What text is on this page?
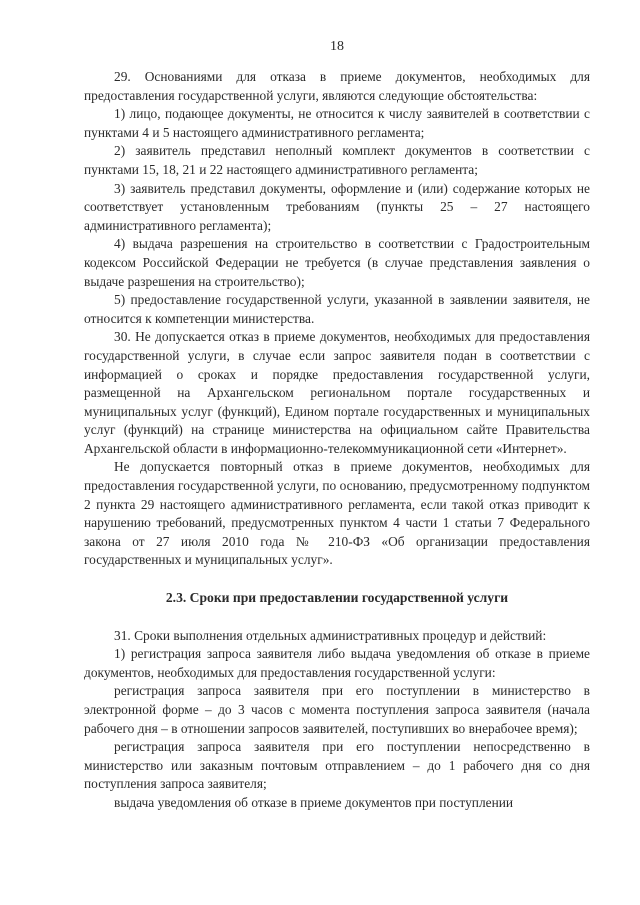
18

29. Основаниями для отказа в приеме документов, необходимых для предоставления государственной услуги, являются следующие обстоятельства:

1) лицо, подающее документы, не относится к числу заявителей в соответствии с пунктами 4 и 5 настоящего административного регламента;

2) заявитель представил неполный комплект документов в соответствии с пунктами 15, 18, 21 и 22 настоящего административного регламента;

3) заявитель представил документы, оформление и (или) содержание которых не соответствует установленным требованиям (пункты 25 – 27 настоящего административного регламента);

4) выдача разрешения на строительство в соответствии с Градостроительным кодексом Российской Федерации не требуется (в случае представления заявления о выдаче разрешения на строительство);

5) предоставление государственной услуги, указанной в заявлении заявителя, не относится к компетенции министерства.

30. Не допускается отказ в приеме документов, необходимых для предоставления государственной услуги, в случае если запрос заявителя подан в соответствии с информацией о сроках и порядке предоставления государственной услуги, размещенной на Архангельском региональном портале государственных и муниципальных услуг (функций), Едином портале государственных и муниципальных услуг (функций) на странице министерства на официальном сайте Правительства Архангельской области в информационно-телекоммуникационной сети «Интернет».

Не допускается повторный отказ в приеме документов, необходимых для предоставления государственной услуги, по основанию, предусмотренному подпунктом 2 пункта 29 настоящего административного регламента, если такой отказ приводит к нарушению требований, предусмотренных пунктом 4 части 1 статьи 7 Федерального закона от 27 июля 2010 года № 210-ФЗ «Об организации предоставления государственных и муниципальных услуг».

2.3. Сроки при предоставлении государственной услуги

31. Сроки выполнения отдельных административных процедур и действий:

1) регистрация запроса заявителя либо выдача уведомления об отказе в приеме документов, необходимых для предоставления государственной услуги:

регистрация запроса заявителя при его поступлении в министерство в электронной форме – до 3 часов с момента поступления запроса заявителя (начала рабочего дня – в отношении запросов заявителей, поступивших во внерабочее время);

регистрация запроса заявителя при его поступлении непосредственно в министерство или заказным почтовым отправлением – до 1 рабочего дня со дня поступления запроса заявителя;

выдача уведомления об отказе в приеме документов при поступлении
